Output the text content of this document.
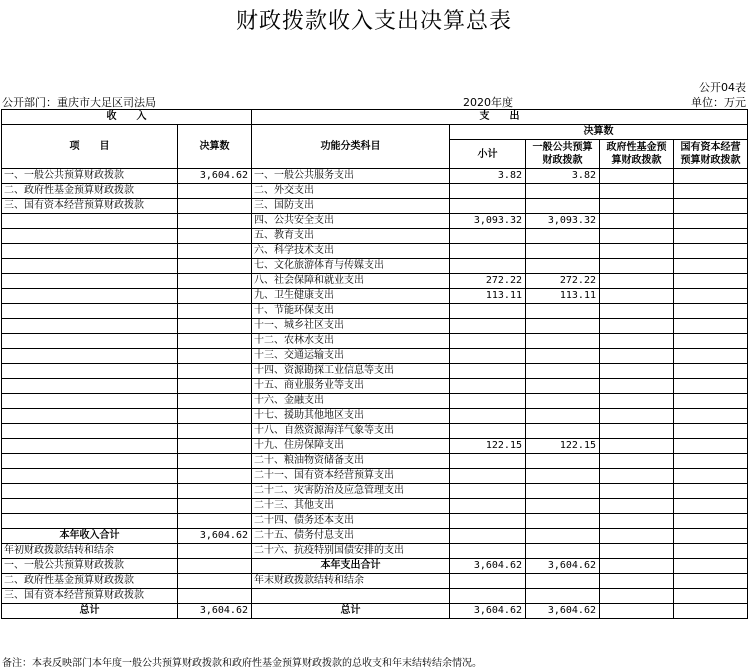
财政拨款收入支出决算总表
公开04表
公开部门：重庆市大足区司法局	2020年度	单位：万元
收　　入		支　　出				
项　　目	决算数	功能分类科目	决算数			
			小计	一般公共预算财政拨款	政府性基金预算财政拨款	国有资本经营预算财政拨款
一、一般公共预算财政拨款	3,604.62	一、一般公共服务支出	3.82	3.82		
二、政府性基金预算财政拨款		二、外交支出				
三、国有资本经营预算财政拨款		三、国防支出				
		四、公共安全支出	3,093.32	3,093.32		
		五、教育支出				
		六、科学技术支出				
		七、文化旅游体育与传媒支出				
		八、社会保障和就业支出	272.22	272.22		
		九、卫生健康支出	113.11	113.11		
		十、节能环保支出				
		十一、城乡社区支出				
		十二、农林水支出				
		十三、交通运输支出				
		十四、资源勘探工业信息等支出				
		十五、商业服务业等支出				
		十六、金融支出				
		十七、援助其他地区支出				
		十八、自然资源海洋气象等支出				
		十九、住房保障支出	122.15	122.15		
		二十、粮油物资储备支出				
		二十一、国有资本经营预算支出				
		二十二、灾害防治及应急管理支出				
		二十三、其他支出				
		二十四、债务还本支出				
本年收入合计	3,604.62	二十五、债务付息支出				
年初财政拨款结转和结余		二十六、抗疫特别国债安排的支出				
一、一般公共预算财政拨款		本年支出合计	3,604.62	3,604.62		
二、政府性基金预算财政拨款		年末财政拨款结转和结余				
三、国有资本经营预算财政拨款						
总计	3,604.62	总计	3,604.62	3,604.62		
备注：本表反映部门本年度一般公共预算财政拨款和政府性基金预算财政拨款的总收支和年末结转结余情况。
